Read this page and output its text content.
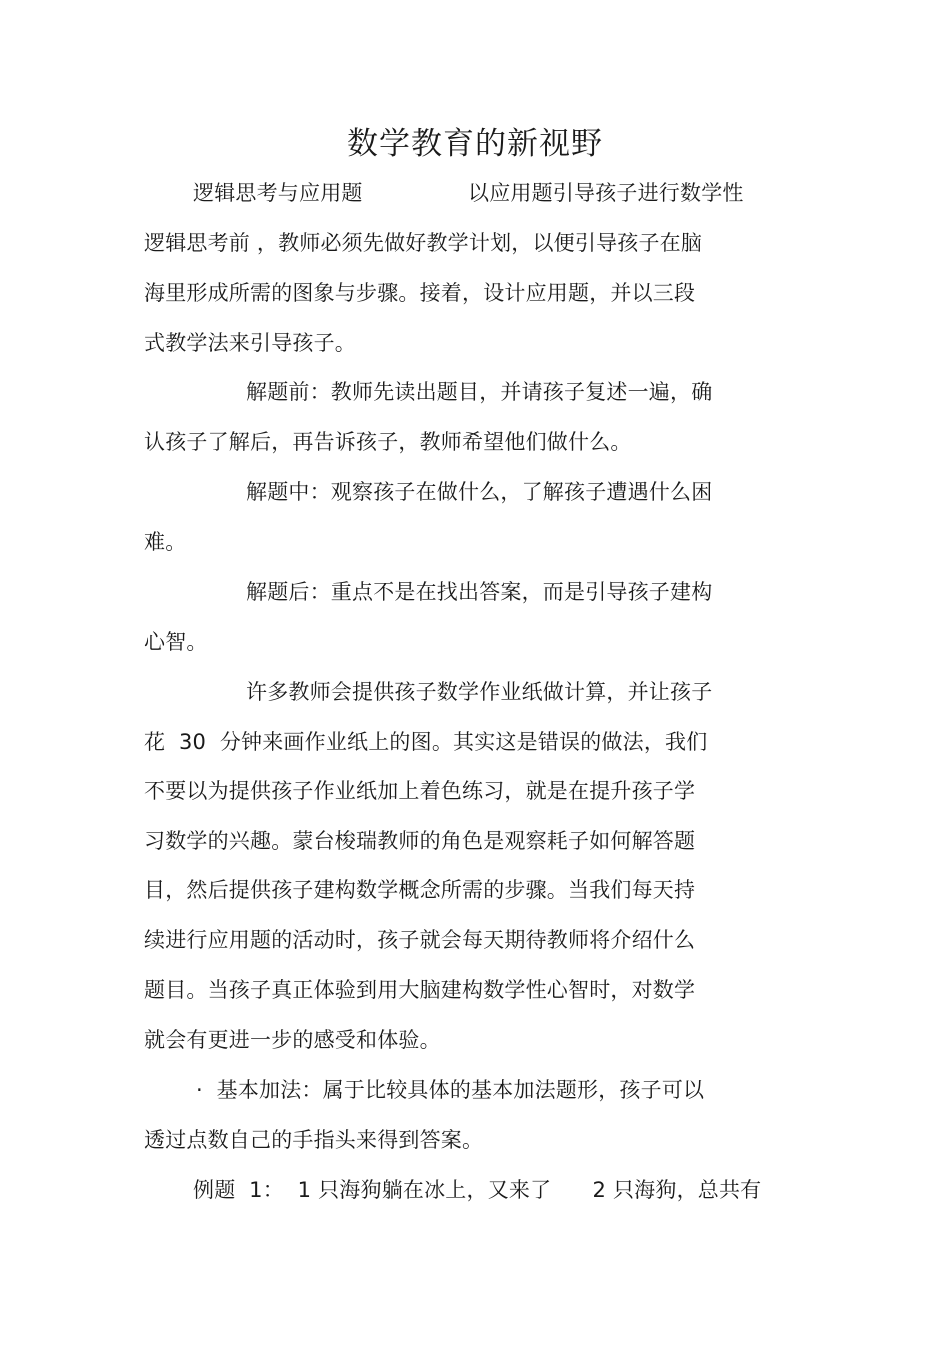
数学教育的新视野
逻辑思考与应用题	以应用题引导孩子进行数学性
逻辑思考前 ，教师必须先做好教学计划，以便引导孩子在脑
海里形成所需的图象与步骤。接着，设计应用题，并以三段
式教学法来引导孩子。
解题前：教师先读出题目，并请孩子复述一遍，确
认孩子了解后，再告诉孩子，教师希望他们做什么。
解题中：观察孩子在做什么，了解孩子遭遇什么困
难。
解题后：重点不是在找出答案，而是引导孩子建构
心智。
许多教师会提供孩子数学作业纸做计算，并让孩子
花  30  分钟来画作业纸上的图。其实这是错误的做法，我们
不要以为提供孩子作业纸加上着色练习，就是在提升孩子学
习数学的兴趣。蒙台梭瑞教师的角色是观察耗子如何解答题
目，然后提供孩子建构数学概念所需的步骤。当我们每天持
续进行应用题的活动时，孩子就会每天期待教师将介绍什么
题目。当孩子真正体验到用大脑建构数学性心智时，对数学
就会有更进一步的感受和体验。
·  基本加法：属于比较具体的基本加法题形，孩子可以
透过点数自己的手指头来得到答案。
例题  1：  1 只海狗躺在冰上，又来了      2 只海狗，总共有
